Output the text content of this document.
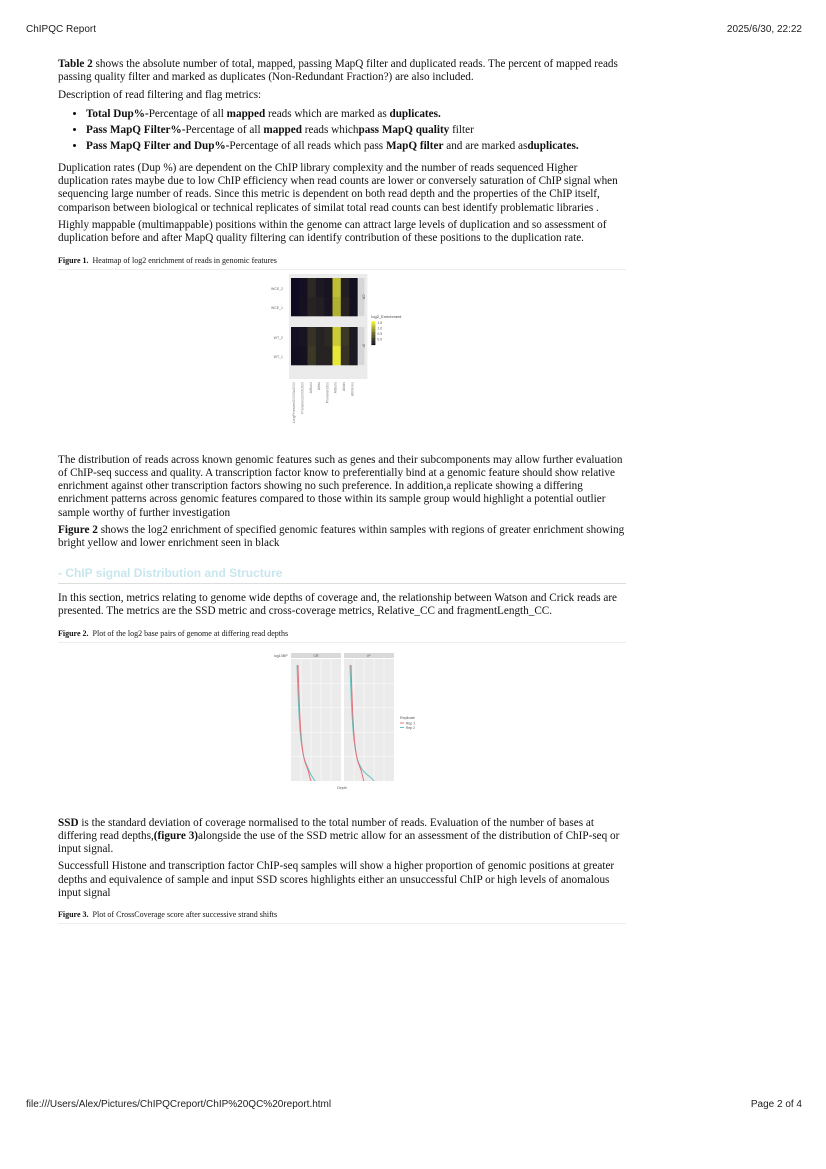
ChIPQC Report	2025/6/30, 22:22

Table 2 shows the absolute number of total, mapped, passing MapQ filter and duplicated reads. The percent of mapped reads passing quality filter and marked as duplicates (Non-Redundant Fraction?) are also included.

Description of read filtering and flag metrics:

• Total Dup%-Percentage of all mapped reads which are marked as duplicates.
• Pass MapQ Filter%-Percentage of all mapped reads whichpass MapQ quality filter
• Pass MapQ Filter and Dup%-Percentage of all reads which pass MapQ filter and are marked asduplicates.

Duplication rates (Dup %) are dependent on the ChIP library complexity and the number of reads sequenced Higher duplication rates maybe due to low ChIP efficiency when read counts are lower or conversely saturation of ChIP signal when sequencing large number of reads. Since this metric is dependent on both read depth and the properties of the ChIP itself, comparison between biological or technical replicates of similat total read counts can best identify problematic libraries .

Highly mappable (multimappable) positions within the genome can attract large levels of duplication and so assessment of duplication before and after MapQ quality filtering can identify contribution of these positions to the duplication rate.

Figure 1. Heatmap of log2 enrichment of reads in genomic features
WCE_2
WCE_1
CR
WT_2
WT_1
IP
LongPromoter20000to2000 Promoters2000to500 All5utrs Alltss Promoters500 All3utrs Allcds Allintrons
log2_Enrichment
1.5
1.0
0.5
0.0

The distribution of reads across known genomic features such as genes and their subcomponents may allow further evaluation of ChIP-seq success and quality. A transcription factor know to preferentially bind at a genomic feature should show relative enrichment against other transcription factors showing no such preference. In addition,a replicate showing a differing enrichment patterns across genomic features compared to those within its sample group would highlight a potential outlier sample worthy of further investigation

Figure 2 shows the log2 enrichment of specified genomic features within samples with regions of greater enrichment showing bright yellow and lower enrichment seen in black

- ChIP signal Distribution and Structure

In this section, metrics relating to genome wide depths of coverage and, the relationship between Watson and Crick reads are presented. The metrics are the SSD metric and cross-coverage metrics, Relative_CC and fragmentLength_CC.

Figure 2. Plot of the log2 base pairs of genome at differing read depths
log10BP	CR	IP
Depth
Replicate
Rep 1
Rep 2

SSD is the standard deviation of coverage normalised to the total number of reads. Evaluation of the number of bases at differing read depths,(figure 3)alongside the use of the SSD metric allow for an assessment of the distribution of ChIP-seq or input signal.

Successfull Histone and transcription factor ChIP-seq samples will show a higher proportion of genomic positions at greater depths and equivalence of sample and input SSD scores highlights either an unsuccessful ChIP or high levels of anomalous input signal

Figure 3. Plot of CrossCoverage score after successive strand shifts
file:///Users/Alex/Pictures/ChIPQCreport/ChIP%20QC%20report.html	Page 2 of 4
